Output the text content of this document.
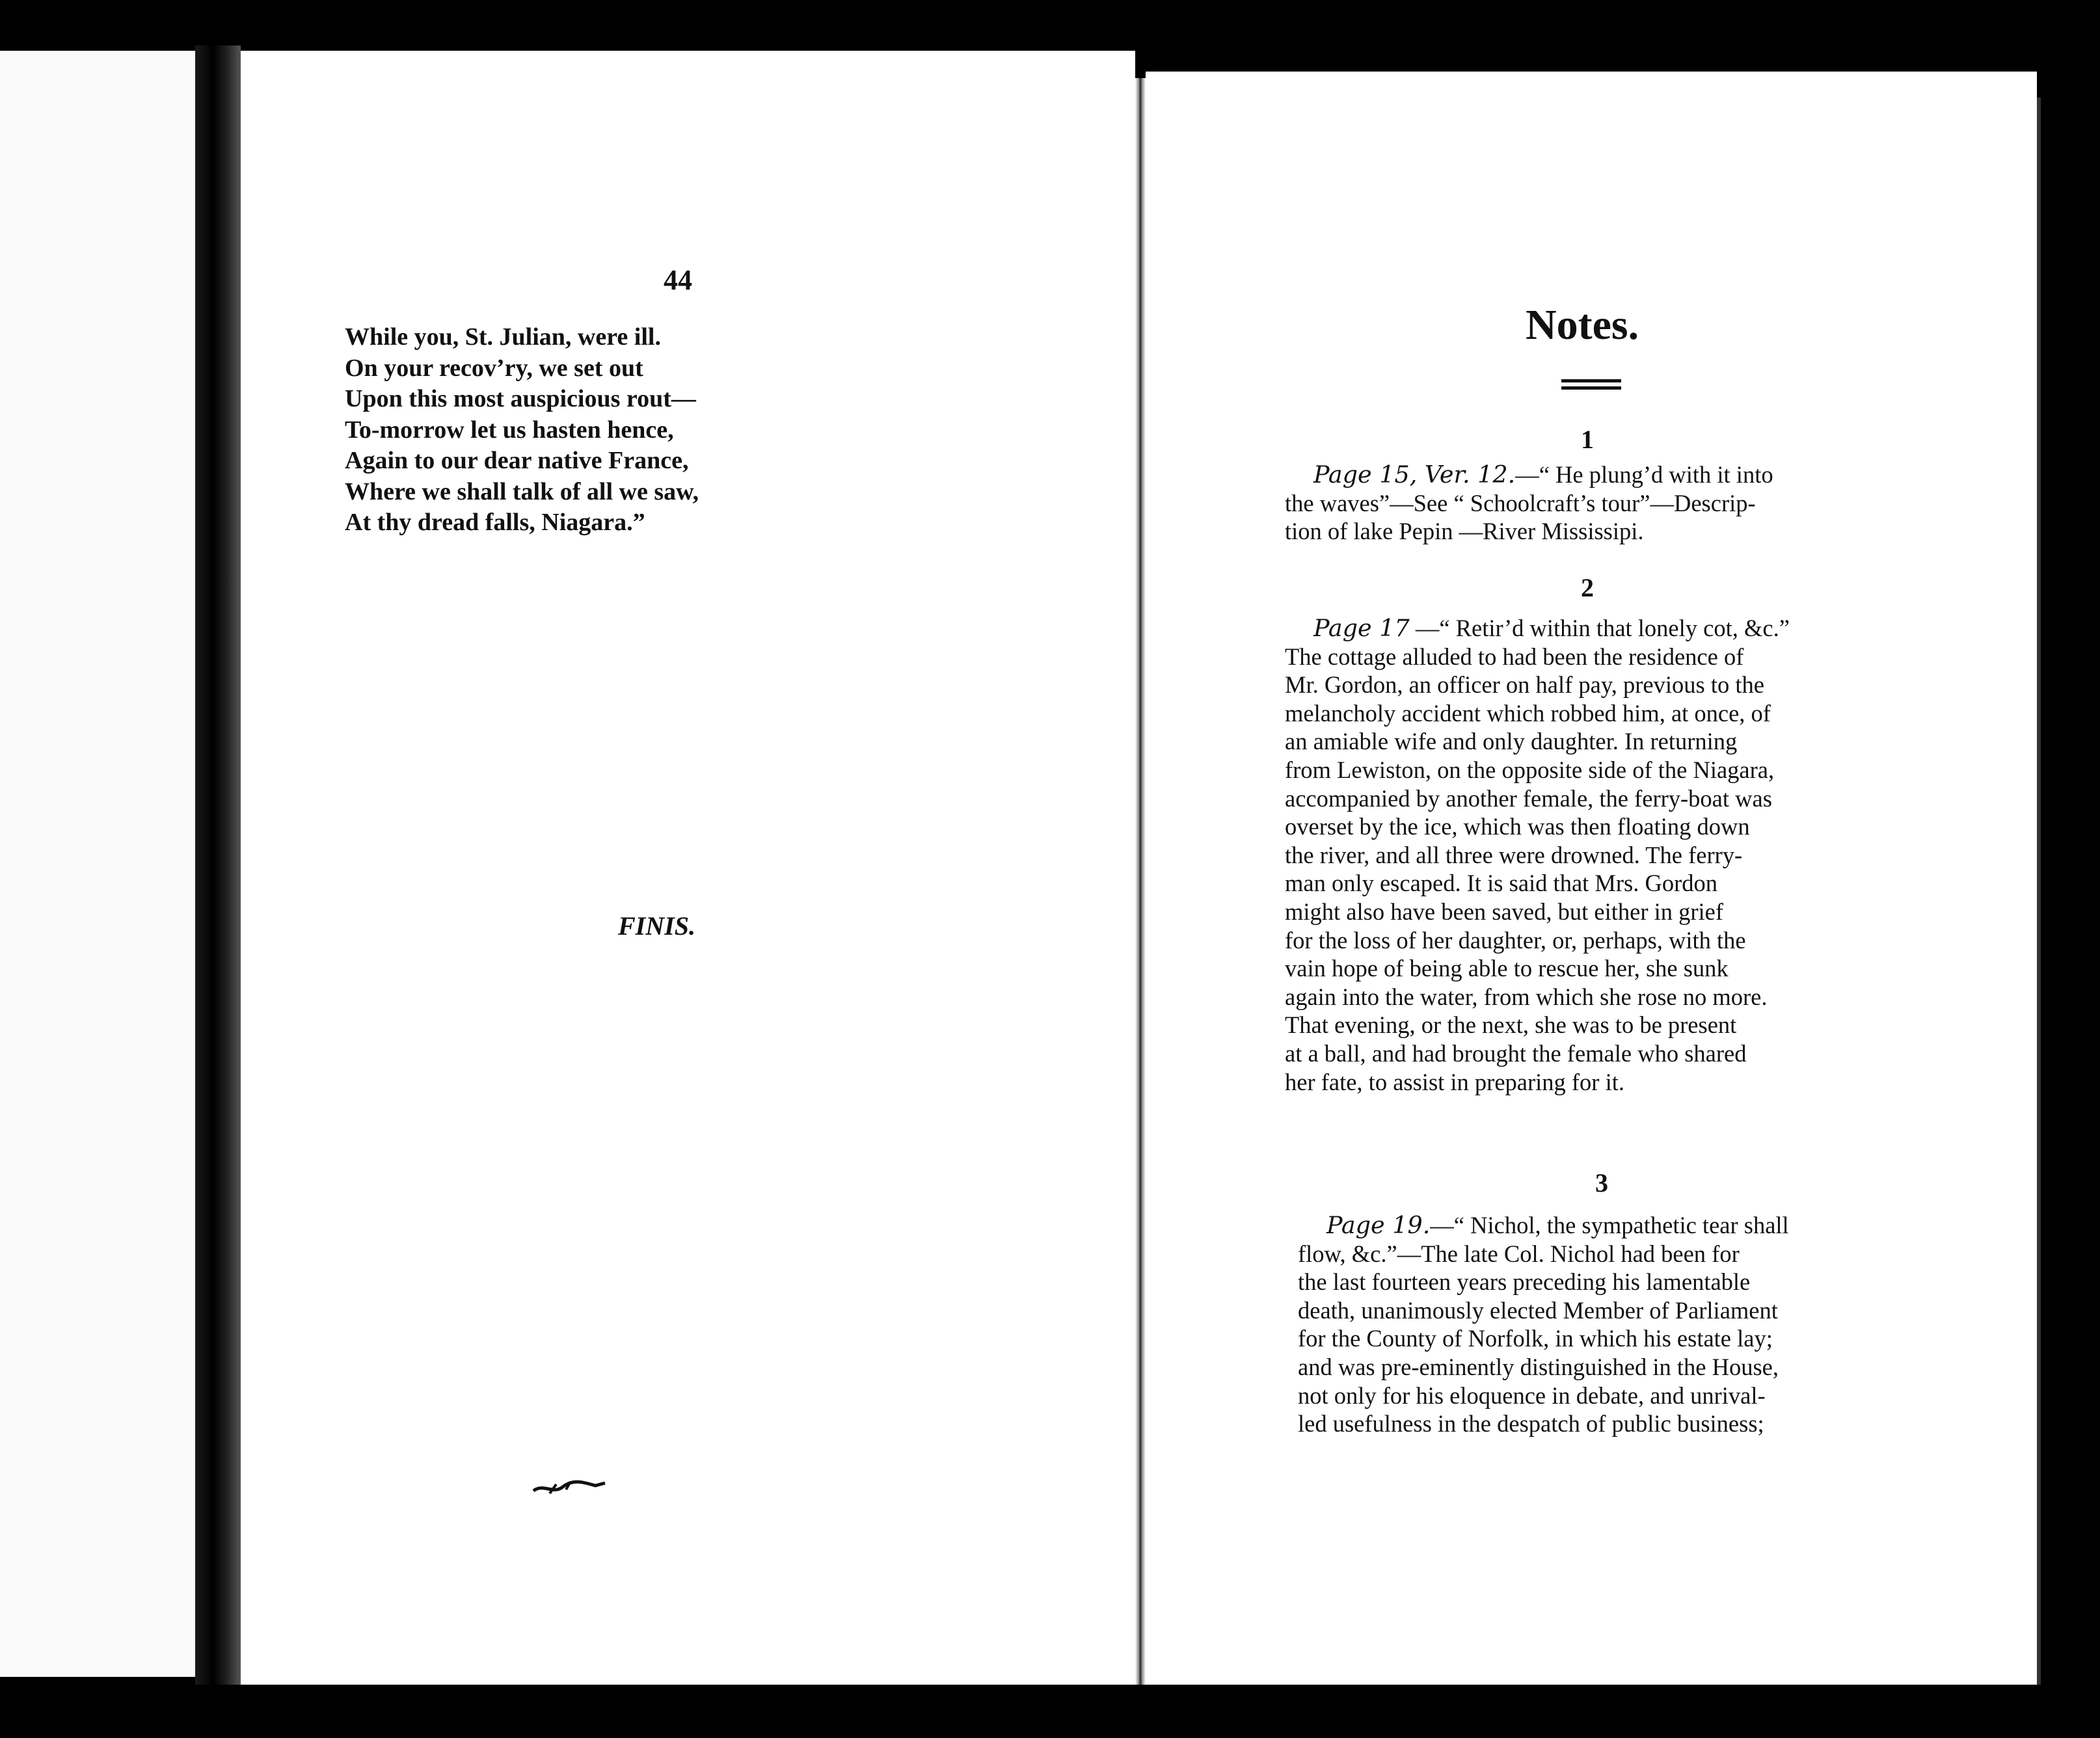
44
While you, St. Julian, were ill.
On your recov’ry, we set out
Upon this most auspicious rout—
To-morrow let us hasten hence,
Again to our dear native France,
Where we shall talk of all we saw,
At thy dread falls, Niagara.”
FINIS.
Notes.
1
Page 15, Ver. 12.—“ He plung’d with it into
the waves”—See “ Schoolcraft’s tour”—Descrip-
tion of lake Pepin —River Mississipi.
2
Page 17 —“ Retir’d within that lonely cot, &c.”
The cottage alluded to had been the residence of
Mr. Gordon, an officer on half pay, previous to the
melancholy accident which robbed him, at once, of
an amiable wife and only daughter. In returning
from Lewiston, on the opposite side of the Niagara,
accompanied by another female, the ferry-boat was
overset by the ice, which was then floating down
the river, and all three were drowned. The ferry-
man only escaped. It is said that Mrs. Gordon
might also have been saved, but either in grief
for the loss of her daughter, or, perhaps, with the
vain hope of being able to rescue her, she sunk
again into the water, from which she rose no more.
That evening, or the next, she was to be present
at a ball, and had brought the female who shared
her fate, to assist in preparing for it.
3
Page 19.—“ Nichol, the sympathetic tear shall
flow, &c.”—The late Col. Nichol had been for
the last fourteen years preceding his lamentable
death, unanimously elected Member of Parliament
for the County of Norfolk, in which his estate lay;
and was pre-eminently distinguished in the House,
not only for his eloquence in debate, and unrival-
led usefulness in the despatch of public business;
